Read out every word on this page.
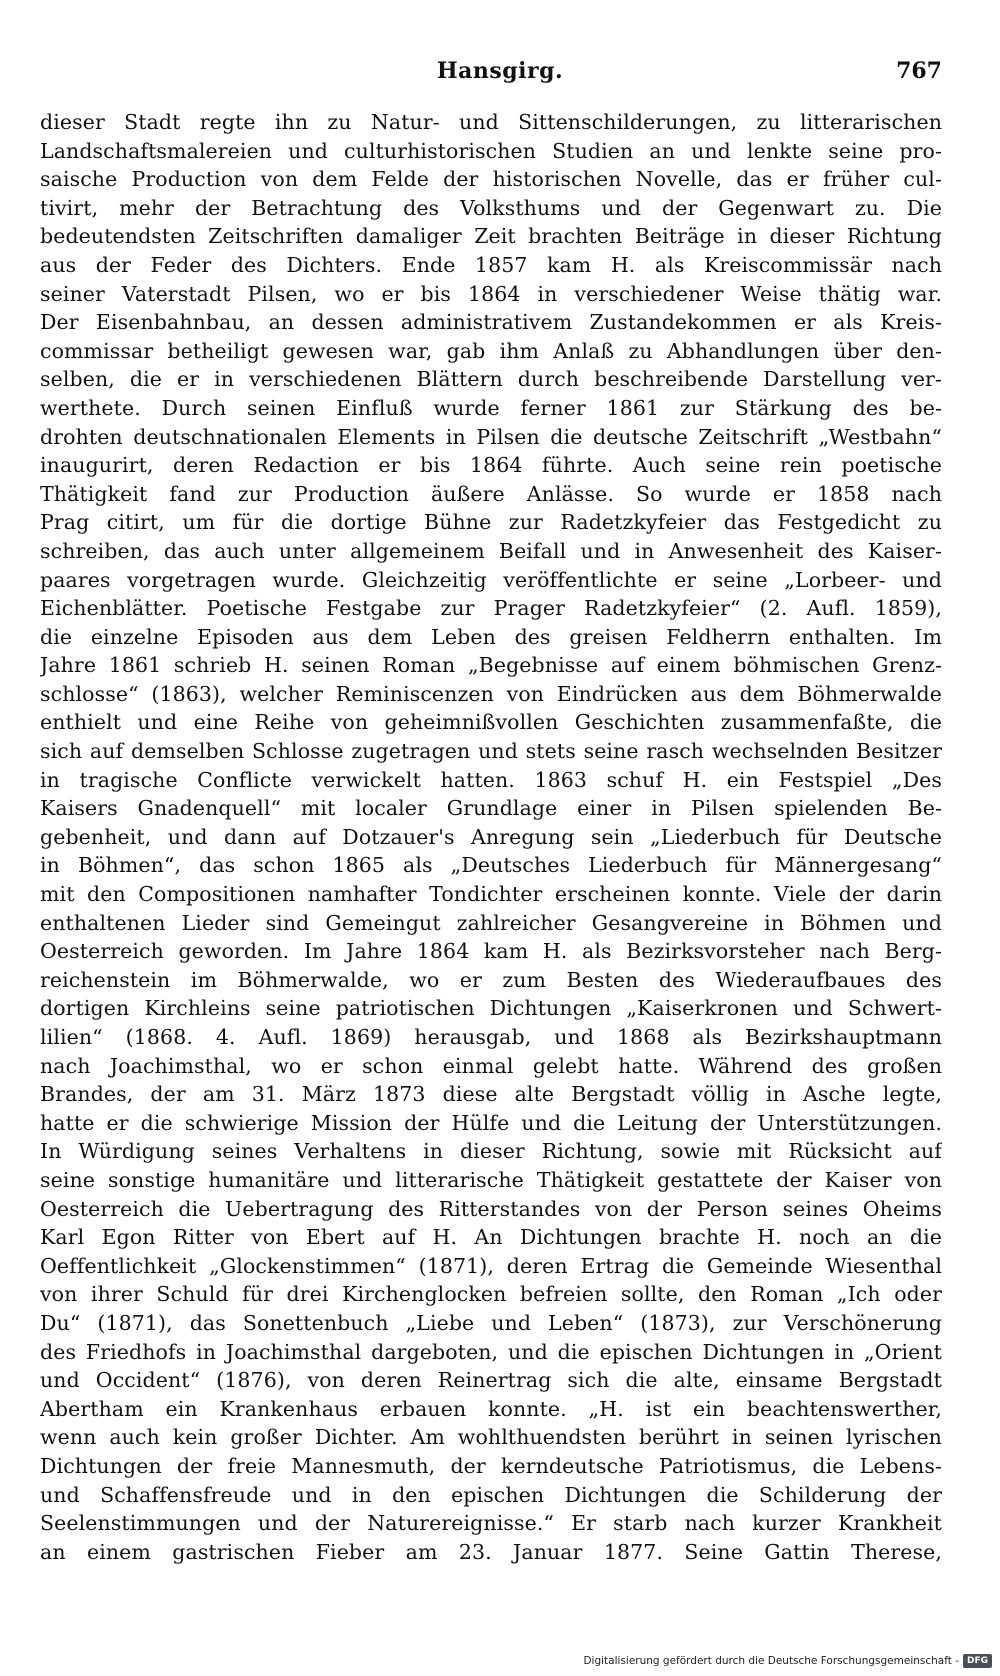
Hansgirg.	767
dieser Stadt regte ihn zu Natur- und Sittenschilderungen, zu litterarischen
Landschaftsmalereien und culturhistorischen Studien an und lenkte seine pro-
saische Production von dem Felde der historischen Novelle, das er früher cul-
tivirt, mehr der Betrachtung des Volksthums und der Gegenwart zu. Die
bedeutendsten Zeitschriften damaliger Zeit brachten Beiträge in dieser Richtung
aus der Feder des Dichters. Ende 1857 kam H. als Kreiscommissär nach
seiner Vaterstadt Pilsen, wo er bis 1864 in verschiedener Weise thätig war.
Der Eisenbahnbau, an dessen administrativem Zustandekommen er als Kreis-
commissar betheiligt gewesen war, gab ihm Anlaß zu Abhandlungen über den-
selben, die er in verschiedenen Blättern durch beschreibende Darstellung ver-
werthete. Durch seinen Einfluß wurde ferner 1861 zur Stärkung des be-
drohten deutschnationalen Elements in Pilsen die deutsche Zeitschrift „Westbahn“
inaugurirt, deren Redaction er bis 1864 führte. Auch seine rein poetische
Thätigkeit fand zur Production äußere Anlässe. So wurde er 1858 nach
Prag citirt, um für die dortige Bühne zur Radetzkyfeier das Festgedicht zu
schreiben, das auch unter allgemeinem Beifall und in Anwesenheit des Kaiser-
paares vorgetragen wurde. Gleichzeitig veröffentlichte er seine „Lorbeer- und
Eichenblätter. Poetische Festgabe zur Prager Radetzkyfeier“ (2. Aufl. 1859),
die einzelne Episoden aus dem Leben des greisen Feldherrn enthalten. Im
Jahre 1861 schrieb H. seinen Roman „Begebnisse auf einem böhmischen Grenz-
schlosse“ (1863), welcher Reminiscenzen von Eindrücken aus dem Böhmerwalde
enthielt und eine Reihe von geheimnißvollen Geschichten zusammenfaßte, die
sich auf demselben Schlosse zugetragen und stets seine rasch wechselnden Besitzer
in tragische Conflicte verwickelt hatten. 1863 schuf H. ein Festspiel „Des
Kaisers Gnadenquell“ mit localer Grundlage einer in Pilsen spielenden Be-
gebenheit, und dann auf Dotzauer's Anregung sein „Liederbuch für Deutsche
in Böhmen“, das schon 1865 als „Deutsches Liederbuch für Männergesang“
mit den Compositionen namhafter Tondichter erscheinen konnte. Viele der darin
enthaltenen Lieder sind Gemeingut zahlreicher Gesangvereine in Böhmen und
Oesterreich geworden. Im Jahre 1864 kam H. als Bezirksvorsteher nach Berg-
reichenstein im Böhmerwalde, wo er zum Besten des Wiederaufbaues des
dortigen Kirchleins seine patriotischen Dichtungen „Kaiserkronen und Schwert-
lilien“ (1868. 4. Aufl. 1869) herausgab, und 1868 als Bezirkshauptmann
nach Joachimsthal, wo er schon einmal gelebt hatte. Während des großen
Brandes, der am 31. März 1873 diese alte Bergstadt völlig in Asche legte,
hatte er die schwierige Mission der Hülfe und die Leitung der Unterstützungen.
In Würdigung seines Verhaltens in dieser Richtung, sowie mit Rücksicht auf
seine sonstige humanitäre und litterarische Thätigkeit gestattete der Kaiser von
Oesterreich die Uebertragung des Ritterstandes von der Person seines Oheims
Karl Egon Ritter von Ebert auf H. An Dichtungen brachte H. noch an die
Oeffentlichkeit „Glockenstimmen“ (1871), deren Ertrag die Gemeinde Wiesenthal
von ihrer Schuld für drei Kirchenglocken befreien sollte, den Roman „Ich oder
Du“ (1871), das Sonettenbuch „Liebe und Leben“ (1873), zur Verschönerung
des Friedhofs in Joachimsthal dargeboten, und die epischen Dichtungen in „Orient
und Occident“ (1876), von deren Reinertrag sich die alte, einsame Bergstadt
Abertham ein Krankenhaus erbauen konnte. „H. ist ein beachtenswerther,
wenn auch kein großer Dichter. Am wohlthuendsten berührt in seinen lyrischen
Dichtungen der freie Mannesmuth, der kerndeutsche Patriotismus, die Lebens-
und Schaffensfreude und in den epischen Dichtungen die Schilderung der
Seelenstimmungen und der Naturereignisse.“ Er starb nach kurzer Krankheit
an einem gastrischen Fieber am 23. Januar 1877. Seine Gattin Therese,
Digitalisierung gefördert durch die Deutsche Forschungsgemeinschaft - DFG
